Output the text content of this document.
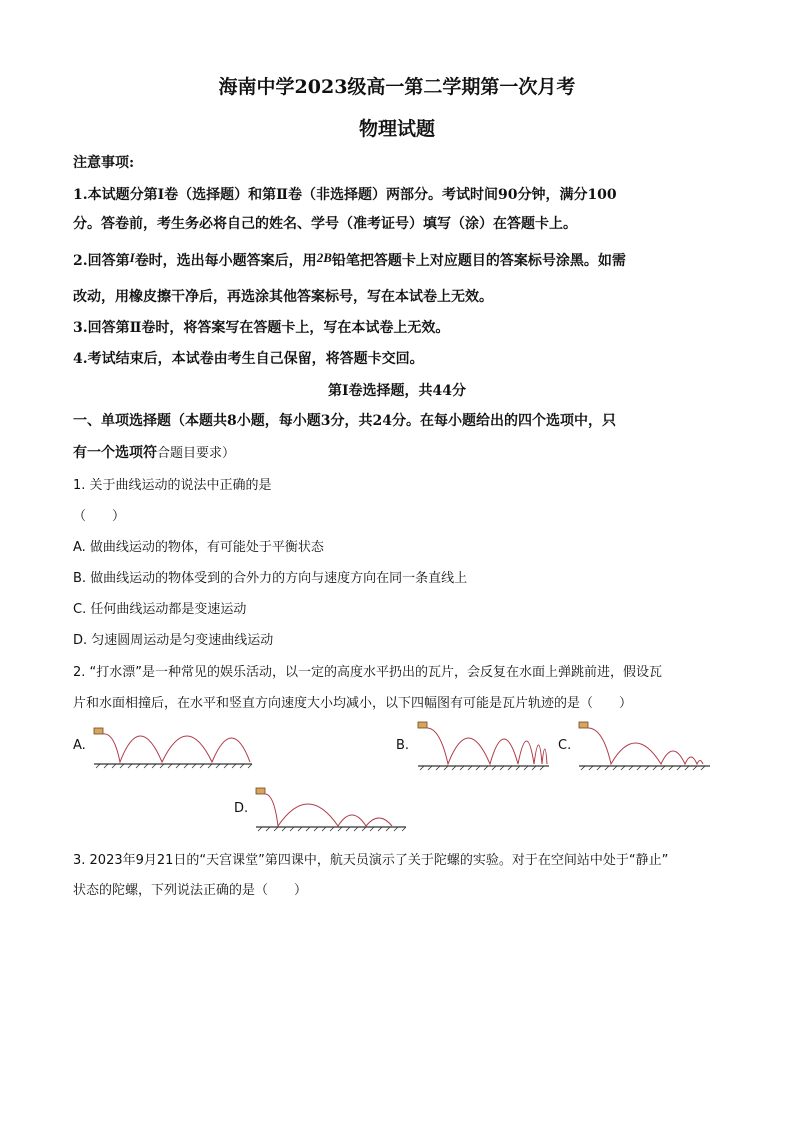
海南中学2023级高一第二学期第一次月考
物理试题
注意事项:
1.本试题分第Ⅰ卷（选择题）和第Ⅱ卷（非选择题）两部分。考试时间90分钟，满分100
分。答卷前，考生务必将自己的姓名、学号（准考证号）填写（涂）在答题卡上。
2.回答第I卷时，选出每小题答案后，用2B铅笔把答题卡上对应题目的答案标号涂黑。如需
改动，用橡皮擦干净后，再选涂其他答案标号，写在本试卷上无效。
3.回答第Ⅱ卷时，将答案写在答题卡上，写在本试卷上无效。
4.考试结束后，本试卷由考生自己保留，将答题卡交回。
第Ⅰ卷选择题，共44分
一、单项选择题（本题共8小题，每小题3分，共24分。在每小题给出的四个选项中，只
有一个选项符合题目要求）
1. 关于曲线运动的说法中正确的是
（　　）
A. 做曲线运动的物体，有可能处于平衡状态
B. 做曲线运动的物体受到的合外力的方向与速度方向在同一条直线上
C. 任何曲线运动都是变速运动
D. 匀速圆周运动是匀变速曲线运动
2. “打水漂”是一种常见的娱乐活动，以一定的高度水平扔出的瓦片，会反复在水面上弹跳前进，假设瓦
片和水面相撞后，在水平和竖直方向速度大小均减小，以下四幅图有可能是瓦片轨迹的是（　　）
A.	B.	C.
D.
3. 2023年9月21日的“天宫课堂”第四课中，航天员演示了关于陀螺的实验。对于在空间站中处于“静止”
状态的陀螺，下列说法正确的是（　　）
